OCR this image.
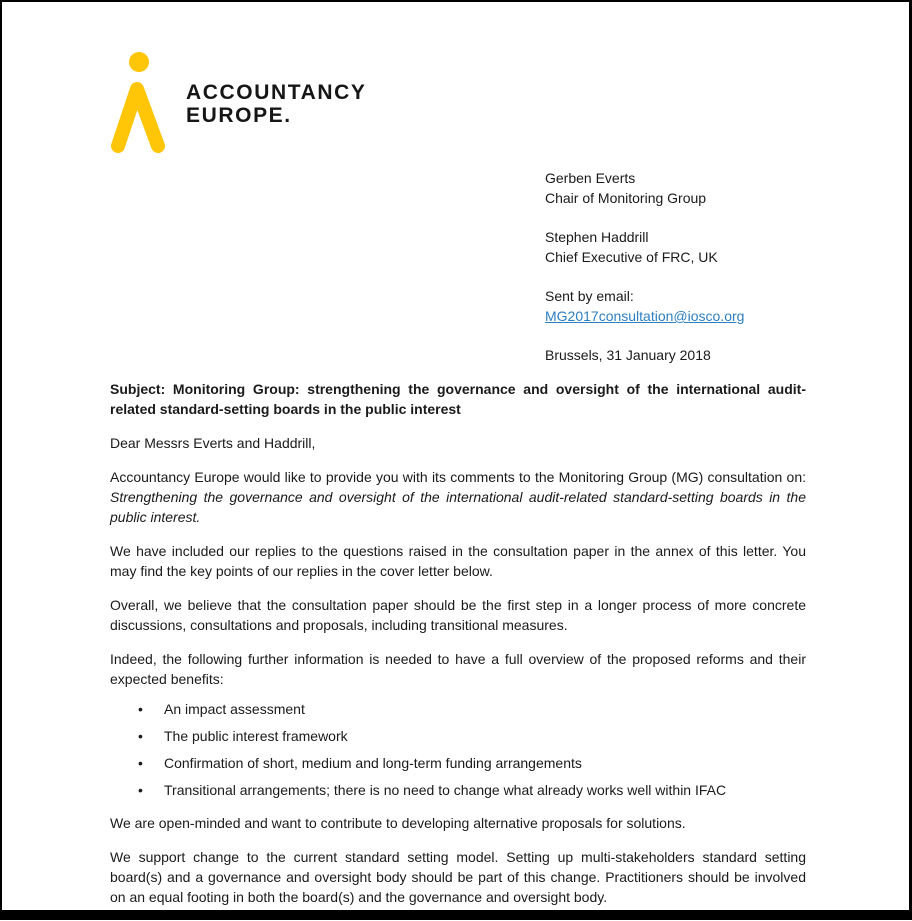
ACCOUNTANCY
EUROPE.
Gerben Everts
Chair of Monitoring Group
Stephen Haddrill
Chief Executive of FRC, UK
Sent by email:
MG2017consultation@iosco.org
Brussels, 31 January 2018

Subject: Monitoring Group: strengthening the governance and oversight of the international audit-related standard-setting boards in the public interest

Dear Messrs Everts and Haddrill,

Accountancy Europe would like to provide you with its comments to the Monitoring Group (MG) consultation on: Strengthening the governance and oversight of the international audit-related standard-setting boards in the public interest.

We have included our replies to the questions raised in the consultation paper in the annex of this letter. You may find the key points of our replies in the cover letter below.

Overall, we believe that the consultation paper should be the first step in a longer process of more concrete discussions, consultations and proposals, including transitional measures.

Indeed, the following further information is needed to have a full overview of the proposed reforms and their expected benefits:

• An impact assessment
• The public interest framework
• Confirmation of short, medium and long-term funding arrangements
• Transitional arrangements; there is no need to change what already works well within IFAC

We are open-minded and want to contribute to developing alternative proposals for solutions.

We support change to the current standard setting model. Setting up multi-stakeholders standard setting board(s) and a governance and oversight body should be part of this change. Practitioners should be involved on an equal footing in both the board(s) and the governance and oversight body.
